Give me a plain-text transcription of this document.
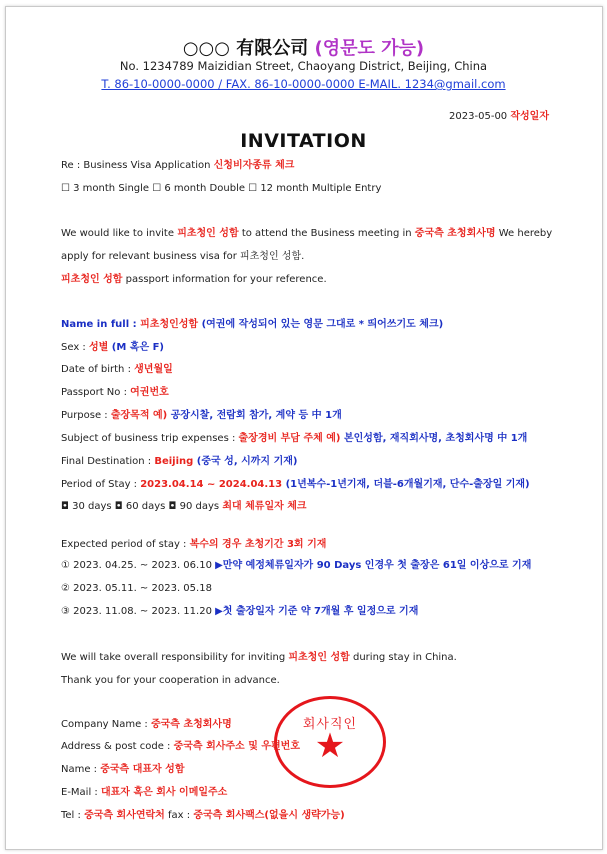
○○○ 有限公司 (영문도 가능)
No. 1234789 Maizidian Street, Chaoyang District, Beijing, China
T. 86-10-0000-0000 / FAX. 86-10-0000-0000 E-MAIL. 1234@gmail.com
2023-05-00 작성일자
INVITATION
Re : Business Visa Application 신청비자종류 체크
☐ 3 month Single ☐ 6 month Double ☐ 12 month Multiple Entry
We would like to invite 피초청인 성함 to attend the Business meeting in 중국측 초청회사명 We hereby
apply for relevant business visa for 피초청인 성함.
피초청인 성함 passport information for your reference.
Name in full : 피초청인성함 (여권에 작성되어 있는 영문 그대로 * 띄어쓰기도 체크)
Sex : 성별 (M 혹은 F)
Date of birth : 생년월일
Passport No : 여권번호
Purpose : 출장목적 예) 공장시찰, 전람회 참가, 계약 등 中 1개
Subject of business trip expenses : 출장경비 부담 주체 예) 본인성함, 재직회사명, 초청회사명 中 1개
Final Destination : Beijing (중국 성, 시까지 기재)
Period of Stay : 2023.04.14 ~ 2024.04.13 (1년복수-1년기재, 더블-6개월기재, 단수-출장일 기재)
◘ 30 days ◘ 60 days ◘ 90 days 최대 체류일자 체크
Expected period of stay : 복수의 경우 초청기간 3회 기재
① 2023. 04.25. ~ 2023. 06.10 ▶만약 예정체류일자가 90 Days 인경우 첫 출장은 61일 이상으로 기재
② 2023. 05.11. ~ 2023. 05.18
③ 2023. 11.08. ~ 2023. 11.20 ▶첫 출장일자 기준 약 7개월 후 일정으로 기재
We will take overall responsibility for inviting 피초청인 성함 during stay in China.
Thank you for your cooperation in advance.
회사직인
★
Company Name : 중국측 초청회사명
Address & post code : 중국측 회사주소 및 우편번호
Name : 중국측 대표자 성함
E-Mail : 대표자 혹은 회사 이메일주소
Tel : 중국측 회사연락처 fax : 중국측 회사팩스(없을시 생략가능)
